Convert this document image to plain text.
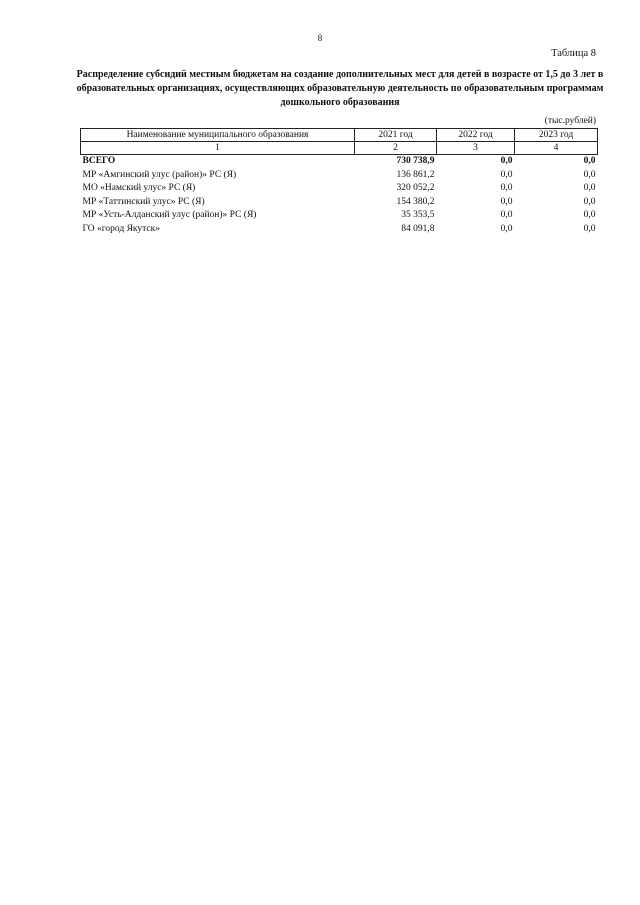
8
Таблица 8
Распределение субсидий местным бюджетам на создание дополнительных мест для детей в возрасте от 1,5 до 3 лет в образовательных организациях, осуществляющих образовательную деятельность по образовательным программам дошкольного образования
(тыс.рублей)
Наименование муниципального образования	2021 год	2022 год	2023 год
1	2	3	4
ВСЕГО	730 738,9	0,0	0,0
МР «Амгинский улус (район)» РС (Я)	136 861,2	0,0	0,0
МО «Намский улус» РС (Я)	320 052,2	0,0	0,0
МР «Таттинский улус» РС (Я)	154 380,2	0,0	0,0
МР «Усть-Алданский улус (район)» РС (Я)	35 353,5	0,0	0,0
ГО «город Якутск»	84 091,8	0,0	0,0
